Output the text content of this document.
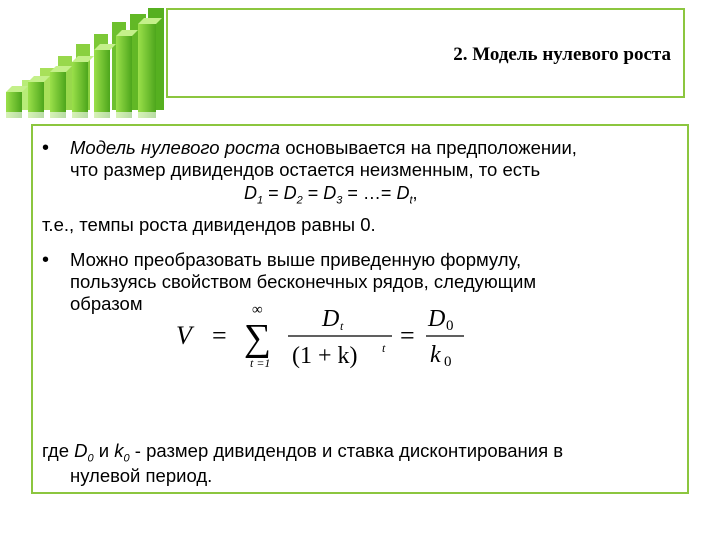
2. Модель нулевого роста
• Модель нулевого роста основывается на предположении,
что размер дивидендов остается неизменным, то есть
$D_1 = D_2 = D_3$ = …= $D_t$,
т.е., темпы роста дивидендов равны 0.
• Можно преобразовать выше приведенную формулу,
пользуясь свойством бесконечных рядов, следующим
образом
V =
∞
∑
t =1
D t
(1 + k) t =
D 0
k 0
где $D_0$ и $k_0$ - размер дивидендов и ставка дисконтирования в
нулевой период.
